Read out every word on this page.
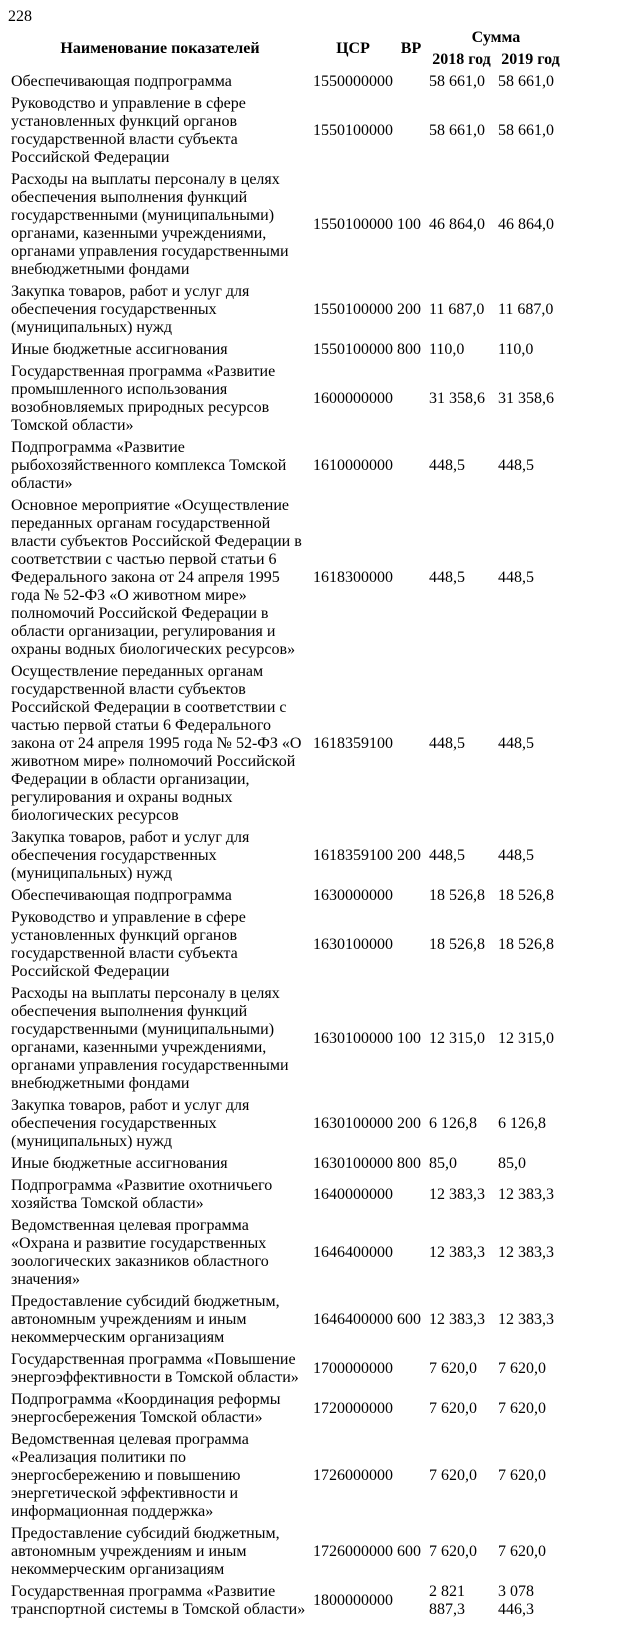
228
Наименование показателей	ЦСР	ВР	Сумма	
			2018 год	2019 год
Обеспечивающая подпрограмма	1550000000		58 661,0	58 661,0
Руководство и управление в сфере установленных функций органов государственной власти субъекта Российской Федерации	1550100000		58 661,0	58 661,0
Расходы на выплаты персоналу в целях обеспечения выполнения функций государственными (муниципальными) органами, казенными учреждениями, органами управления государственными внебюджетными фондами	1550100000	100	46 864,0	46 864,0
Закупка товаров, работ и услуг для обеспечения государственных (муниципальных) нужд	1550100000	200	11 687,0	11 687,0
Иные бюджетные ассигнования	1550100000	800	110,0	110,0
Государственная программа «Развитие промышленного использования возобновляемых природных ресурсов Томской области»	1600000000		31 358,6	31 358,6
Подпрограмма «Развитие рыбохозяйственного комплекса Томской области»	1610000000		448,5	448,5
Основное мероприятие «Осуществление переданных органам государственной власти субъектов Российской Федерации в соответствии с частью первой статьи 6 Федерального закона от 24 апреля 1995 года № 52-ФЗ «О животном мире» полномочий Российской Федерации в области организации, регулирования и охраны водных биологических ресурсов»	1618300000		448,5	448,5
Осуществление переданных органам государственной власти субъектов Российской Федерации в соответствии с частью первой статьи 6 Федерального закона от 24 апреля 1995 года № 52-ФЗ «О животном мире» полномочий Российской Федерации в области организации, регулирования и охраны водных биологических ресурсов	1618359100		448,5	448,5
Закупка товаров, работ и услуг для обеспечения государственных (муниципальных) нужд	1618359100	200	448,5	448,5
Обеспечивающая подпрограмма	1630000000		18 526,8	18 526,8
Руководство и управление в сфере установленных функций органов государственной власти субъекта Российской Федерации	1630100000		18 526,8	18 526,8
Расходы на выплаты персоналу в целях обеспечения выполнения функций государственными (муниципальными) органами, казенными учреждениями, органами управления государственными внебюджетными фондами	1630100000	100	12 315,0	12 315,0
Закупка товаров, работ и услуг для обеспечения государственных (муниципальных) нужд	1630100000	200	6 126,8	6 126,8
Иные бюджетные ассигнования	1630100000	800	85,0	85,0
Подпрограмма «Развитие охотничьего хозяйства Томской области»	1640000000		12 383,3	12 383,3
Ведомственная целевая программа «Охрана и развитие государственных зоологических заказников областного значения»	1646400000		12 383,3	12 383,3
Предоставление субсидий бюджетным, автономным учреждениям и иным некоммерческим организациям	1646400000	600	12 383,3	12 383,3
Государственная программа «Повышение энергоэффективности в Томской области»	1700000000		7 620,0	7 620,0
Подпрограмма «Координация реформы энергосбережения Томской области»	1720000000		7 620,0	7 620,0
Ведомственная целевая программа «Реализация политики по энергосбережению и повышению энергетической эффективности и информационная поддержка»	1726000000		7 620,0	7 620,0
Предоставление субсидий бюджетным, автономным учреждениям и иным некоммерческим организациям	1726000000	600	7 620,0	7 620,0
Государственная программа «Развитие транспортной системы в Томской области»	1800000000		2 821 887,3	3 078 446,3
